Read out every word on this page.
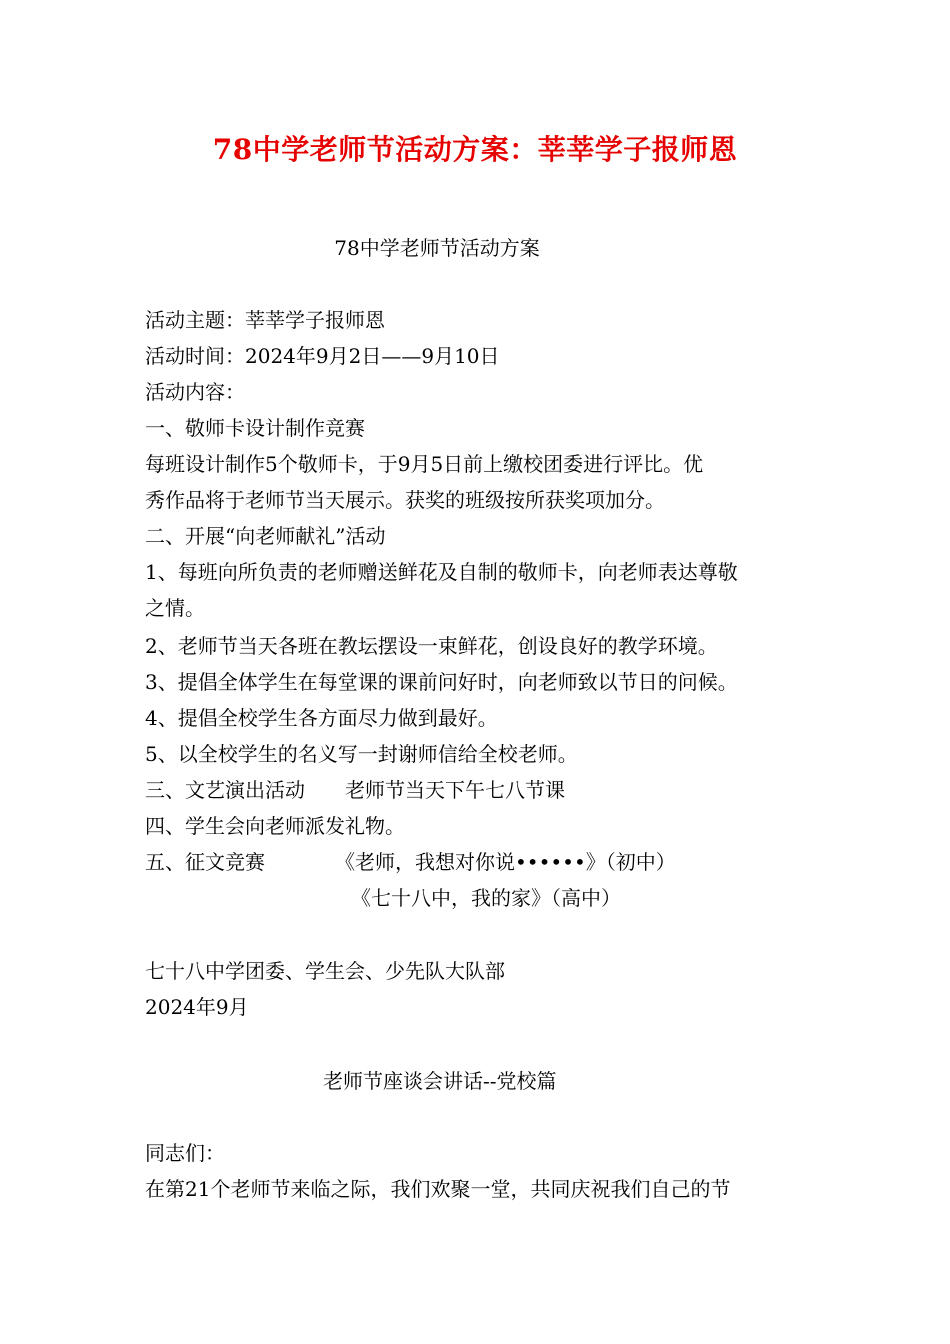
78中学老师节活动方案：莘莘学子报师恩
78中学老师节活动方案
活动主题：莘莘学子报师恩
活动时间：2024年9月2日——9月10日
活动内容：
一、敬师卡设计制作竞赛
每班设计制作5个敬师卡，于9月5日前上缴校团委进行评比。优
秀作品将于老师节当天展示。获奖的班级按所获奖项加分。
二、开展“向老师献礼”活动
1、每班向所负责的老师赠送鲜花及自制的敬师卡，向老师表达尊敬
之情。
2、老师节当天各班在教坛摆设一束鲜花，创设良好的教学环境。
3、提倡全体学生在每堂课的课前问好时，向老师致以节日的问候。
4、提倡全校学生各方面尽力做到最好。
5、以全校学生的名义写一封谢师信给全校老师。
三、文艺演出活动　　老师节当天下午七八节课
四、学生会向老师派发礼物。
五、征文竞赛　　　　《老师，我想对你说••••••》（初中）
《七十八中，我的家》（高中）
七十八中学团委、学生会、少先队大队部
2024年9月
老师节座谈会讲话--党校篇
同志们：
在第21个老师节来临之际，我们欢聚一堂，共同庆祝我们自己的节
